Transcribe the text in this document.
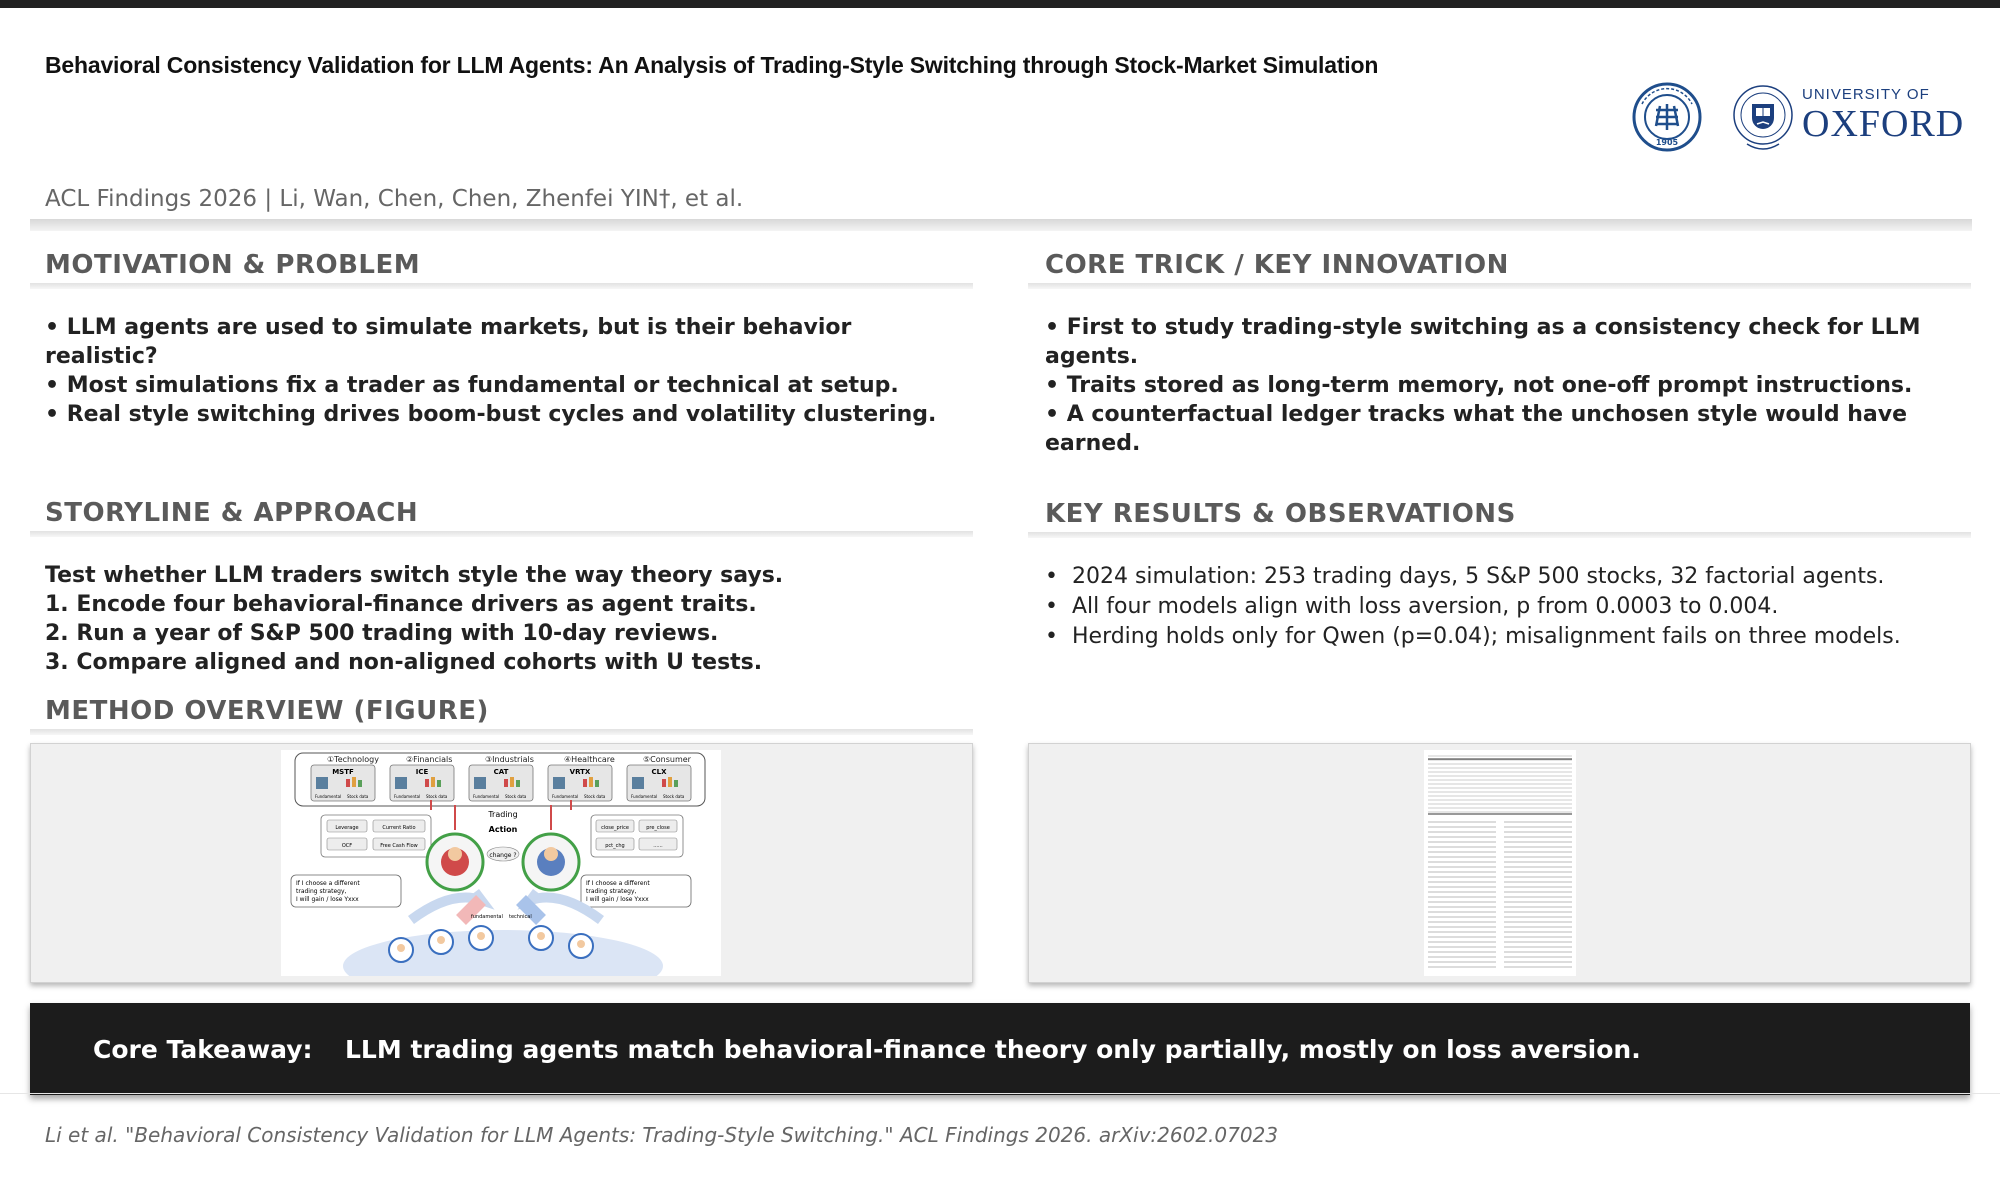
Behavioral Consistency Validation for LLM Agents: An Analysis of Trading-Style Switching through Stock-Market Simulation
1905
UNIVERSITY OF
OXFORD
ACL Findings 2026 | Li, Wan, Chen, Chen, Zhenfei YIN†, et al.
MOTIVATION & PROBLEM
• LLM agents are used to simulate markets, but is their behavior realistic?
• Most simulations fix a trader as fundamental or technical at setup.
• Real style switching drives boom-bust cycles and volatility clustering.
STORYLINE & APPROACH
Test whether LLM traders switch style the way theory says.
1. Encode four behavioral-finance drivers as agent traits.
2. Run a year of S&P 500 trading with 10-day reviews.
3. Compare aligned and non-aligned cohorts with U tests.
METHOD OVERVIEW (FIGURE)
①Technology
MSTF
Fundamental Stock data
②Financials
ICE
Fundamental Stock data
③Industrials
CAT
Fundamental Stock data
④Healthcare
VRTX
Fundamental Stock data
⑤Consumer
CLX
Fundamental Stock data
Leverage	Current Ratio
OCF	Free Cash Flow
close_price	pre_close
pct_chg	......
Trading
Action
change ?
If I choose a different
trading strategy,
I will gain / lose Yxxx
If I choose a different
trading strategy,
I will gain / lose Yxxx
fundamental technical
CORE TRICK / KEY INNOVATION
• First to study trading-style switching as a consistency check for LLM agents.
• Traits stored as long-term memory, not one-off prompt instructions.
• A counterfactual ledger tracks what the unchosen style would have earned.
KEY RESULTS & OBSERVATIONS
• 2024 simulation: 253 trading days, 5 S&P 500 stocks, 32 factorial agents.
• All four models align with loss aversion, p from 0.0003 to 0.004.
• Herding holds only for Qwen (p=0.04); misalignment fails on three models.
Core Takeaway: LLM trading agents match behavioral-finance theory only partially, mostly on loss aversion.
Li et al. "Behavioral Consistency Validation for LLM Agents: Trading-Style Switching." ACL Findings 2026. arXiv:2602.07023
